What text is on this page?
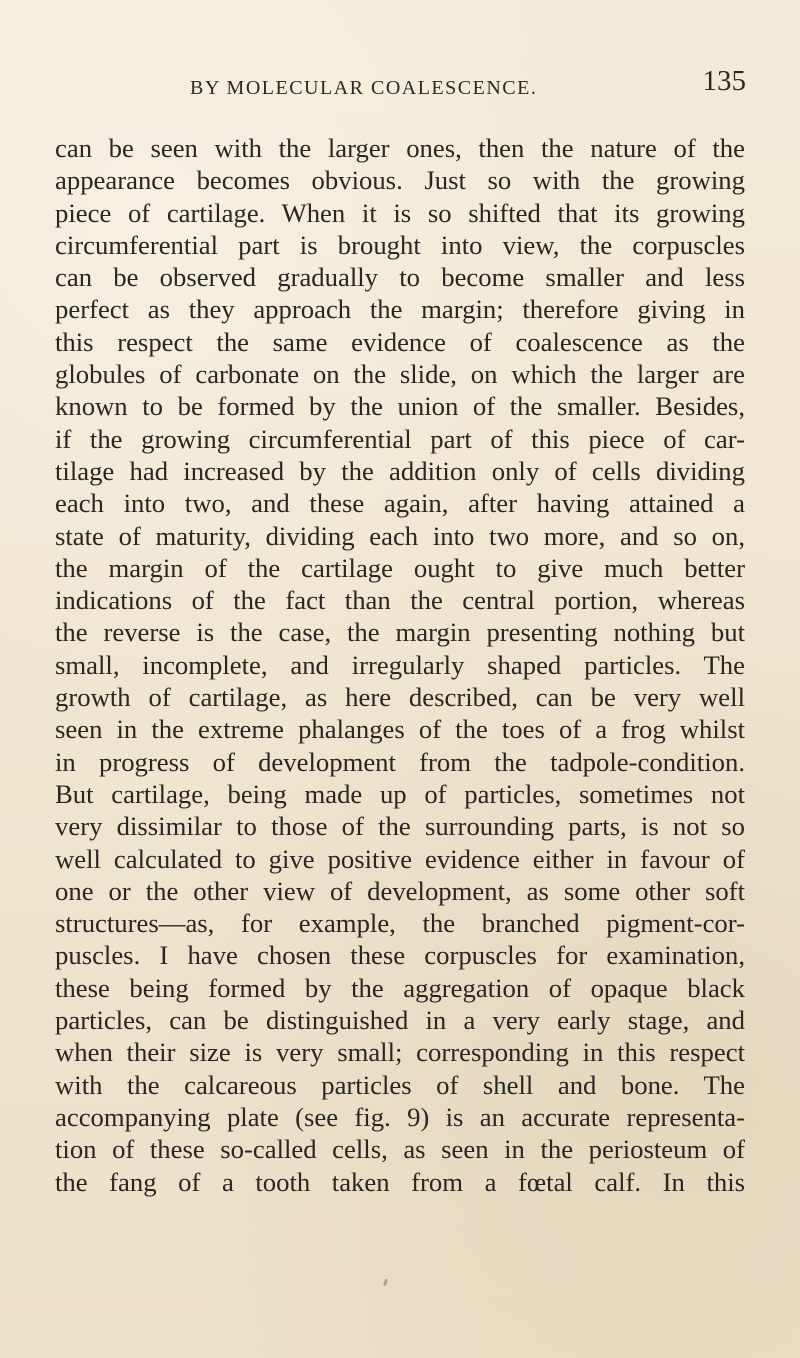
BY MOLECULAR COALESCENCE.	135
can be seen with the larger ones, then the nature of the
appearance becomes obvious. Just so with the growing
piece of cartilage. When it is so shifted that its growing
circumferential part is brought into view, the corpuscles
can be observed gradually to become smaller and less
perfect as they approach the margin; therefore giving in
this respect the same evidence of coalescence as the
globules of carbonate on the slide, on which the larger are
known to be formed by the union of the smaller. Besides,
if the growing circumferential part of this piece of car-
tilage had increased by the addition only of cells dividing
each into two, and these again, after having attained a
state of maturity, dividing each into two more, and so on,
the margin of the cartilage ought to give much better
indications of the fact than the central portion, whereas
the reverse is the case, the margin presenting nothing but
small, incomplete, and irregularly shaped particles. The
growth of cartilage, as here described, can be very well
seen in the extreme phalanges of the toes of a frog whilst
in progress of development from the tadpole-condition.
But cartilage, being made up of particles, sometimes not
very dissimilar to those of the surrounding parts, is not so
well calculated to give positive evidence either in favour of
one or the other view of development, as some other soft
structures—as, for example, the branched pigment-cor-
puscles. I have chosen these corpuscles for examination,
these being formed by the aggregation of opaque black
particles, can be distinguished in a very early stage, and
when their size is very small; corresponding in this respect
with the calcareous particles of shell and bone. The
accompanying plate (see fig. 9) is an accurate representa-
tion of these so-called cells, as seen in the periosteum of
the fang of a tooth taken from a fœtal calf. In this
